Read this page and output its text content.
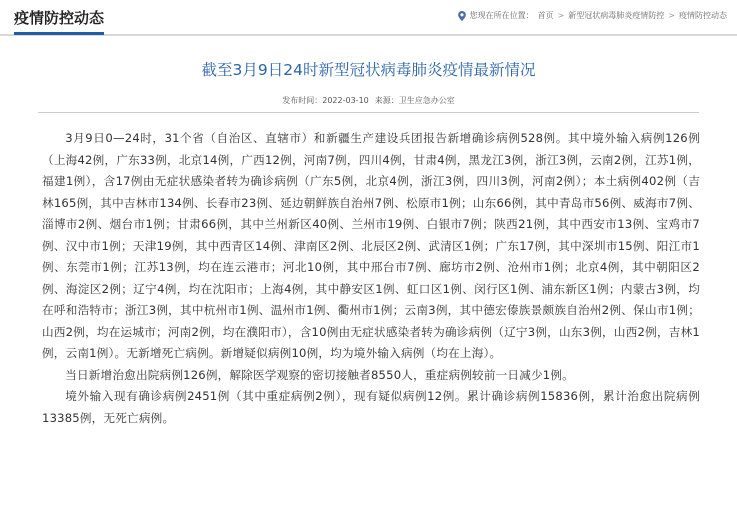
疫情防控动态	您现在所在位置： 首页 > 新型冠状病毒肺炎疫情防控 > 疫情防控动态
截至3月9日24时新型冠状病毒肺炎疫情最新情况
发布时间：2022-03-10 来源：卫生应急办公室

3月9日0—24时，31个省（自治区、直辖市）和新疆生产建设兵团报告新增确诊病例528例。其中境外输入病例126例（上海42例，广东33例，北京14例，广西12例，河南7例，四川4例，甘肃4例，黑龙江3例，浙江3例，云南2例，江苏1例，福建1例），含17例由无症状感染者转为确诊病例（广东5例，北京4例，浙江3例，四川3例，河南2例）；本土病例402例（吉林165例，其中吉林市134例、长春市23例、延边朝鲜族自治州7例、松原市1例；山东66例，其中青岛市56例、威海市7例、淄博市2例、烟台市1例；甘肃66例，其中兰州新区40例、兰州市19例、白银市7例；陕西21例，其中西安市13例、宝鸡市7例、汉中市1例；天津19例，其中西青区14例、津南区2例、北辰区2例、武清区1例；广东17例，其中深圳市15例、阳江市1例、东莞市1例；江苏13例，均在连云港市；河北10例，其中邢台市7例、廊坊市2例、沧州市1例；北京4例，其中朝阳区2例、海淀区2例；辽宁4例，均在沈阳市；上海4例，其中静安区1例、虹口区1例、闵行区1例、浦东新区1例；内蒙古3例，均在呼和浩特市；浙江3例，其中杭州市1例、温州市1例、衢州市1例；云南3例，其中德宏傣族景颇族自治州2例、保山市1例；山西2例，均在运城市；河南2例，均在濮阳市），含10例由无症状感染者转为确诊病例（辽宁3例，山东3例，山西2例，吉林1例，云南1例）。无新增死亡病例。新增疑似病例10例，均为境外输入病例（均在上海）。

当日新增治愈出院病例126例，解除医学观察的密切接触者8550人，重症病例较前一日减少1例。

境外输入现有确诊病例2451例（其中重症病例2例），现有疑似病例12例。累计确诊病例15836例，累计治愈出院病例13385例，无死亡病例。
